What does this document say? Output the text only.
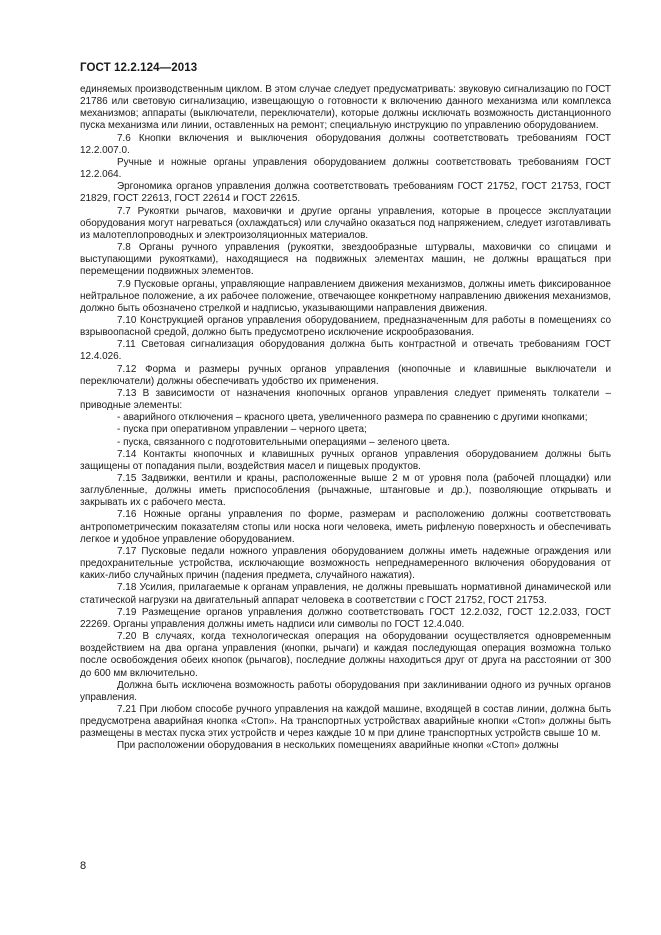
ГОСТ 12.2.124—2013

единяемых производственным циклом. В этом случае следует предусматривать: звуковую сигнализацию по ГОСТ 21786 или световую сигнализацию, извещающую о готовности к включению данного механизма или комплекса механизмов; аппараты (выключатели, переключатели), которые должны исключать возможность дистанционного пуска механизма или линии, оставленных на ремонт; специальную инструкцию по управлению оборудованием.

7.6 Кнопки включения и выключения оборудования должны соответствовать требованиям ГОСТ 12.2.007.0.

Ручные и ножные органы управления оборудованием должны соответствовать требованиям ГОСТ 12.2.064.

Эргономика органов управления должна соответствовать требованиям ГОСТ 21752, ГОСТ 21753, ГОСТ 21829, ГОСТ 22613, ГОСТ 22614 и ГОСТ 22615.

7.7 Рукоятки рычагов, маховички и другие органы управления, которые в процессе эксплуатации оборудования могут нагреваться (охлаждаться) или случайно оказаться под напряжением, следует изготавливать из малотеплопроводных и электроизоляционных материалов.

7.8 Органы ручного управления (рукоятки, звездообразные штурвалы, маховички со спицами и выступающими рукоятками), находящиеся на подвижных элементах машин, не должны вращаться при перемещении подвижных элементов.

7.9 Пусковые органы, управляющие направлением движения механизмов, должны иметь фиксированное нейтральное положение, а их рабочее положение, отвечающее конкретному направлению движения механизмов, должно быть обозначено стрелкой и надписью, указывающими направления движения.

7.10 Конструкцией органов управления оборудованием, предназначенным для работы в помещениях со взрывоопасной средой, должно быть предусмотрено исключение искрообразования.

7.11 Световая сигнализация оборудования должна быть контрастной и отвечать требованиям ГОСТ 12.4.026.

7.12 Форма и размеры ручных органов управления (кнопочные и клавишные выключатели и переключатели) должны обеспечивать удобство их применения.

7.13 В зависимости от назначения кнопочных органов управления следует применять толкатели – приводные элементы:

- аварийного отключения – красного цвета, увеличенного размера по сравнению с другими кнопками;

- пуска при оперативном управлении – черного цвета;

- пуска, связанного с подготовительными операциями – зеленого цвета.

7.14 Контакты кнопочных и клавишных ручных органов управления оборудованием должны быть защищены от попадания пыли, воздействия масел и пищевых продуктов.

7.15 Задвижки, вентили и краны, расположенные выше 2 м от уровня пола (рабочей площадки) или заглубленные, должны иметь приспособления (рычажные, штанговые и др.), позволяющие открывать и закрывать их с рабочего места.

7.16 Ножные органы управления по форме, размерам и расположению должны соответствовать антропометрическим показателям стопы или носка ноги человека, иметь рифленую поверхность и обеспечивать легкое и удобное управление оборудованием.

7.17 Пусковые педали ножного управления оборудованием должны иметь надежные ограждения или предохранительные устройства, исключающие возможность непреднамеренного включения оборудования от каких-либо случайных причин (падения предмета, случайного нажатия).

7.18 Усилия, прилагаемые к органам управления, не должны превышать нормативной динамической или статической нагрузки на двигательный аппарат человека в соответствии с ГОСТ 21752, ГОСТ 21753.

7.19 Размещение органов управления должно соответствовать ГОСТ 12.2.032, ГОСТ 12.2.033, ГОСТ 22269. Органы управления должны иметь надписи или символы по ГОСТ 12.4.040.

7.20 В случаях, когда технологическая операция на оборудовании осуществляется одновременным воздействием на два органа управления (кнопки, рычаги) и каждая последующая операция возможна только после освобождения обеих кнопок (рычагов), последние должны находиться друг от друга на расстоянии от 300 до 600 мм включительно.

Должна быть исключена возможность работы оборудования при заклинивании одного из ручных органов управления.

7.21 При любом способе ручного управления на каждой машине, входящей в состав линии, должна быть предусмотрена аварийная кнопка «Стоп». На транспортных устройствах аварийные кнопки «Стоп» должны быть размещены в местах пуска этих устройств и через каждые 10 м при длине транспортных устройств свыше 10 м.

При расположении оборудования в нескольких помещениях аварийные кнопки «Стоп» должны

8
